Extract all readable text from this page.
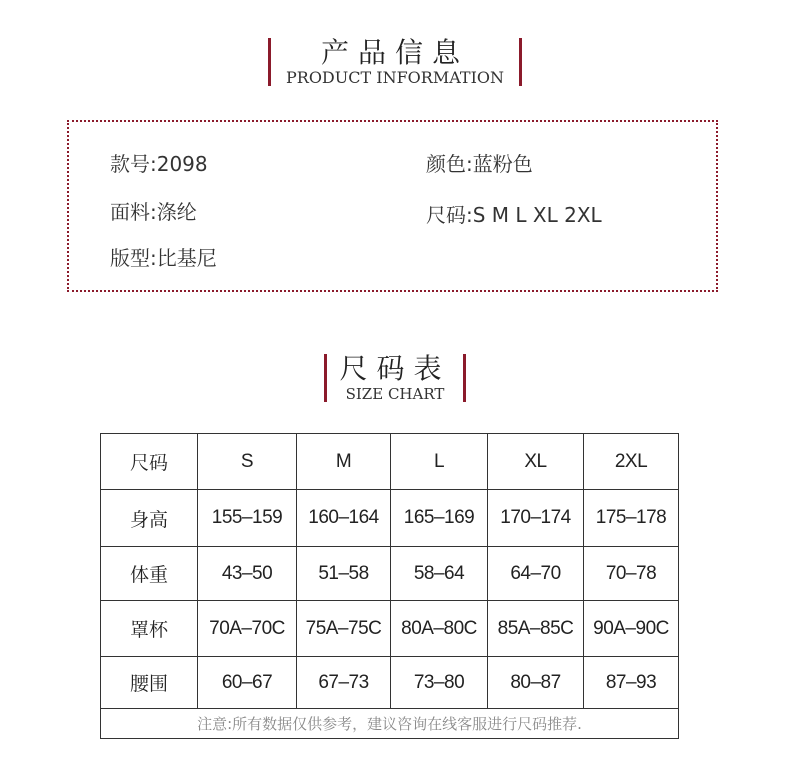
产品信息
PRODUCT INFORMATION
款号:2098	颜色:蓝粉色
面料:涤纶	尺码:S M L XL 2XL
版型:比基尼
尺码表
SIZE CHART
尺码	S	M	L	XL	2XL
身高	155–159	160–164	165–169	170–174	175–178
体重	43–50	51–58	58–64	64–70	70–78
罩杯	70A–70C	75A–75C	80A–80C	85A–85C	90A–90C
腰围	60–67	67–73	73–80	80–87	87–93
注意:所有数据仅供参考，建议咨询在线客服进行尺码推荐.					
